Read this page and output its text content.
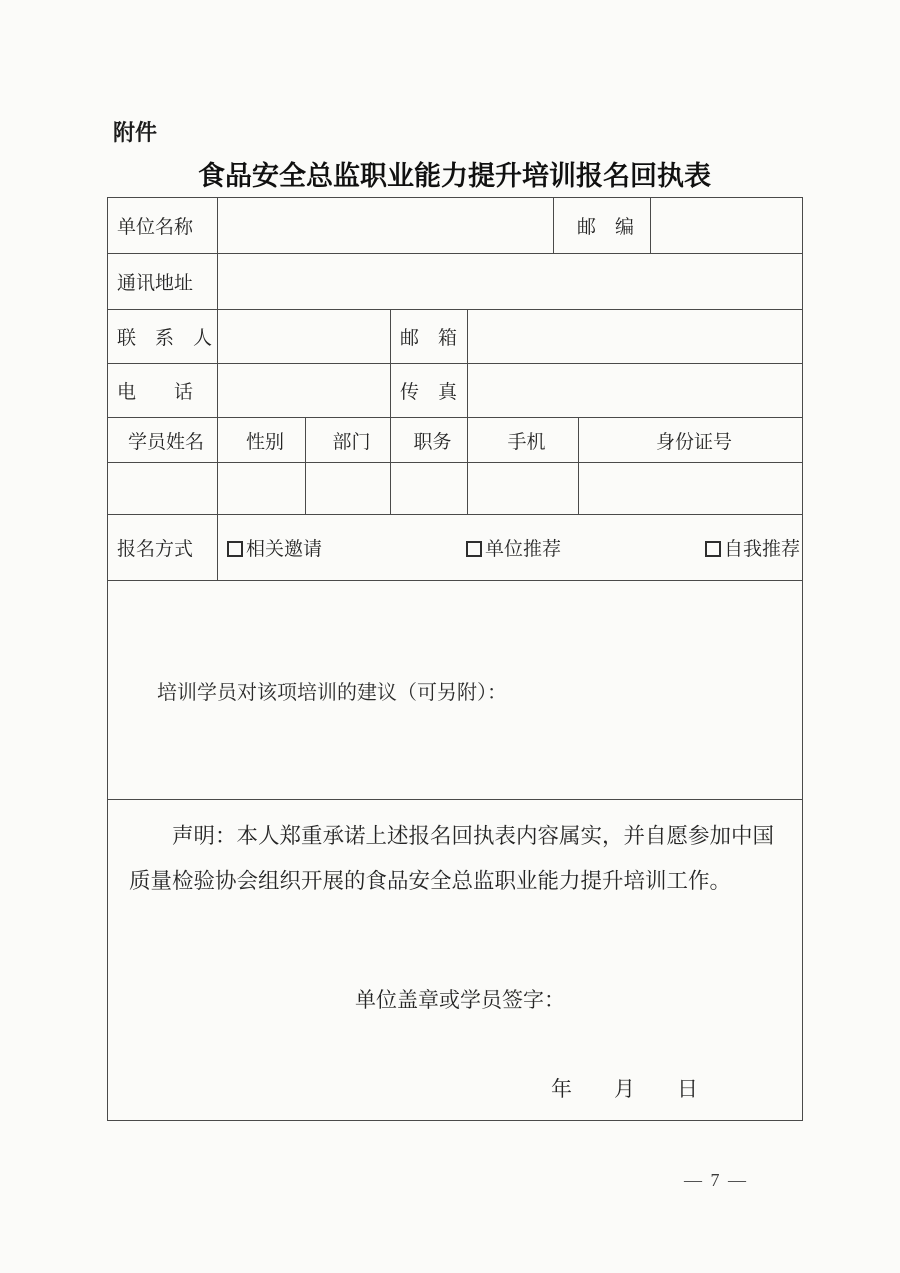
附件
食品安全总监职业能力提升培训报名回执表
单位名称					邮　编		
通讯地址							
联　系　人			邮　箱				
电　　话			传　真				
学员姓名	性别	部门	职务	手机		身份证号	

报名方式	相关邀请 单位推荐 自我推荐						

培训学员对该项培训的建议（可另附）：							

声明：本人郑重承诺上述报名回执表内容属实，并自愿参加中国
质量检验协会组织开展的食品安全总监职业能力提升培训工作。
单位盖章或学员签字：
年　　月　　日							
— 7 —
